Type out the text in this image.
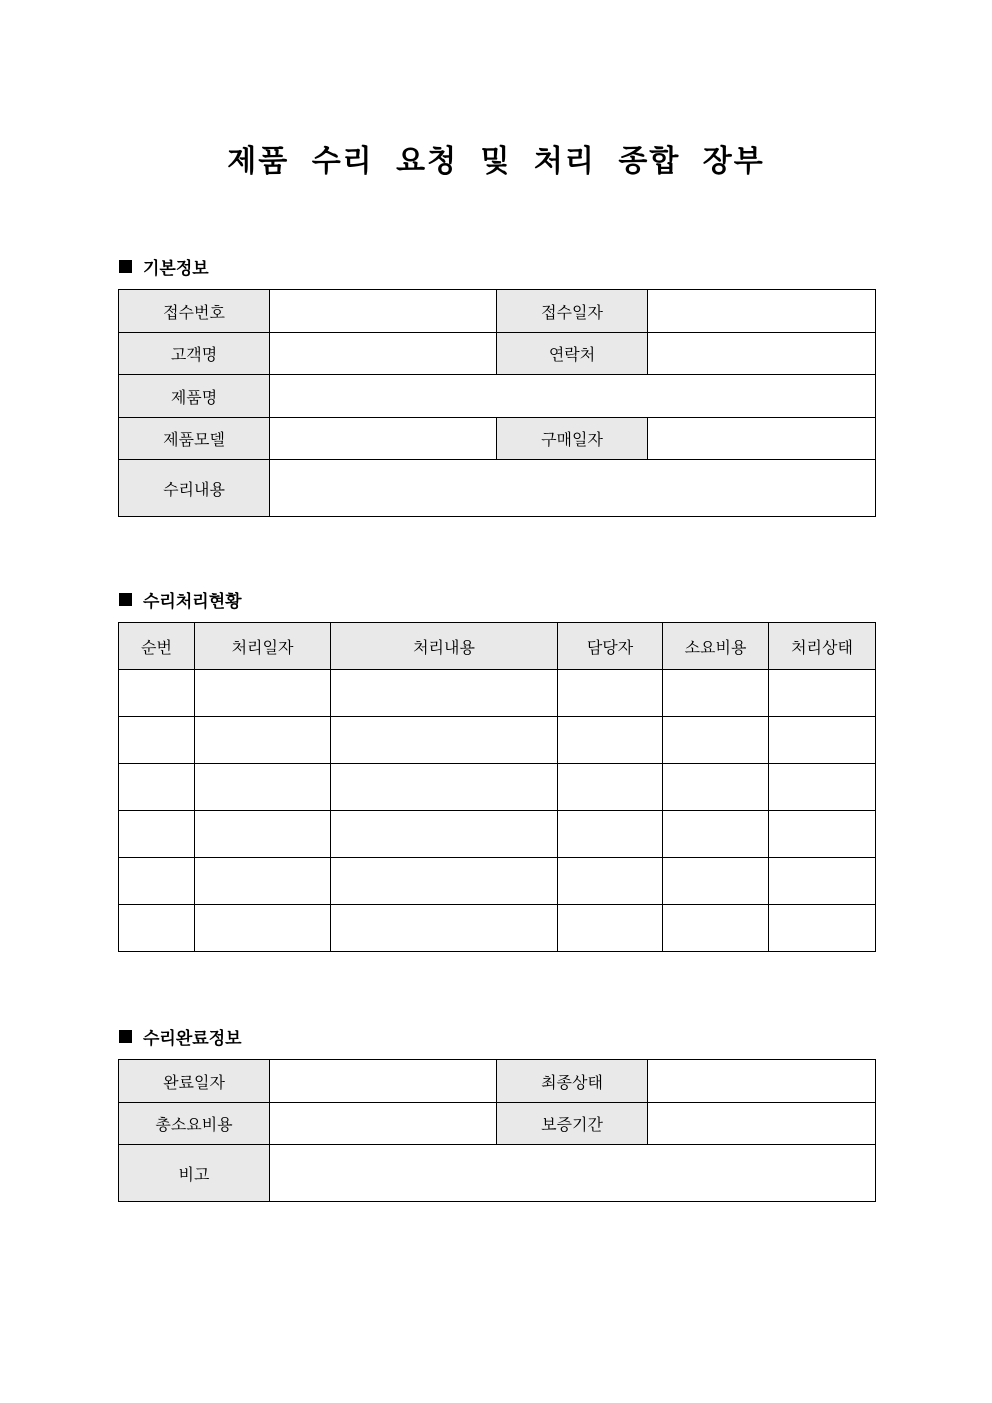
제품 수리 요청 및 처리 종합 장부
기본정보
접수번호		접수일자	
고객명		연락처	
제품명			
제품모델		구매일자	
수리내용			
수리처리현황
순번	처리일자	처리내용	담당자	소요비용	처리상태

수리완료정보
완료일자		최종상태	
총소요비용		보증기간	
비고			
